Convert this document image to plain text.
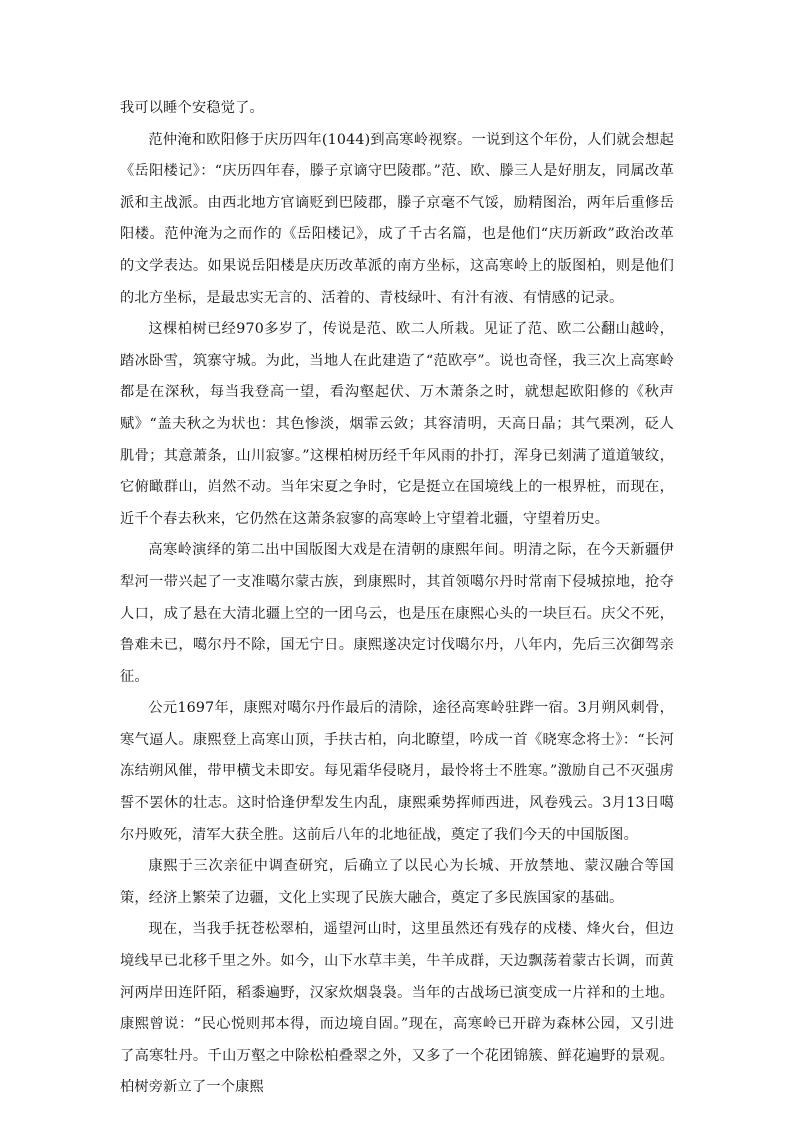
我可以睡个安稳觉了。

范仲淹和欧阳修于庆历四年(1044)到高寒岭视察。一说到这个年份，人们就会想起《岳阳楼记》：“庆历四年春，滕子京谪守巴陵郡。”范、欧、滕三人是好朋友，同属改革派和主战派。由西北地方官谪贬到巴陵郡，滕子京毫不气馁，励精图治，两年后重修岳阳楼。范仲淹为之而作的《岳阳楼记》，成了千古名篇，也是他们“庆历新政”政治改革的文学表达。如果说岳阳楼是庆历改革派的南方坐标，这高寒岭上的版图柏，则是他们的北方坐标，是最忠实无言的、活着的、青枝绿叶、有汁有液、有情感的记录。

这棵柏树已经970多岁了，传说是范、欧二人所栽。见证了范、欧二公翻山越岭，踏冰卧雪，筑寨守城。为此，当地人在此建造了“范欧亭”。说也奇怪，我三次上高寒岭都是在深秋，每当我登高一望，看沟壑起伏、万木萧条之时，就想起欧阳修的《秋声赋》“盖夫秋之为状也：其色惨淡，烟霏云敛；其容清明，天高日晶；其气栗冽，砭人肌骨；其意萧条，山川寂寥。”这棵柏树历经千年风雨的扑打，浑身已刻满了道道皱纹，它俯瞰群山，岿然不动。当年宋夏之争时，它是挺立在国境线上的一根界桩，而现在，近千个春去秋来，它仍然在这萧条寂寥的高寒岭上守望着北疆，守望着历史。

高寒岭演绎的第二出中国版图大戏是在清朝的康熙年间。明清之际，在今天新疆伊犁河一带兴起了一支准噶尔蒙古族，到康熙时，其首领噶尔丹时常南下侵城掠地，抢夺人口，成了悬在大清北疆上空的一团乌云，也是压在康熙心头的一块巨石。庆父不死，鲁难未已，噶尔丹不除，国无宁日。康熙遂决定讨伐噶尔丹，八年内，先后三次御驾亲征。

公元1697年，康熙对噶尔丹作最后的清除，途径高寒岭驻跸一宿。3月朔风刺骨，寒气逼人。康熙登上高寒山顶，手扶古柏，向北瞭望，吟成一首《晓寒念将士》：“长河冻结朔风催，带甲横戈未即安。每见霜华侵晓月，最怜将士不胜寒。”激励自己不灭强虏誓不罢休的壮志。这时恰逢伊犁发生内乱，康熙乘势挥师西进，风卷残云。3月13日噶尔丹败死，清军大获全胜。这前后八年的北地征战，奠定了我们今天的中国版图。

康熙于三次亲征中调查研究，后确立了以民心为长城、开放禁地、蒙汉融合等国策，经济上繁荣了边疆，文化上实现了民族大融合，奠定了多民族国家的基础。

现在，当我手抚苍松翠柏，遥望河山时，这里虽然还有残存的戍楼、烽火台，但边境线早已北移千里之外。如今，山下水草丰美，牛羊成群，天边飘荡着蒙古长调，而黄河两岸田连阡陌，稻黍遍野，汉家炊烟袅袅。当年的古战场已演变成一片祥和的土地。康熙曾说：“民心悦则邦本得，而边境自固。”现在，高寒岭已开辟为森林公园，又引进了高寒牡丹。千山万壑之中除松柏叠翠之外，又多了一个花团锦簇、鲜花遍野的景观。柏树旁新立了一个康熙
